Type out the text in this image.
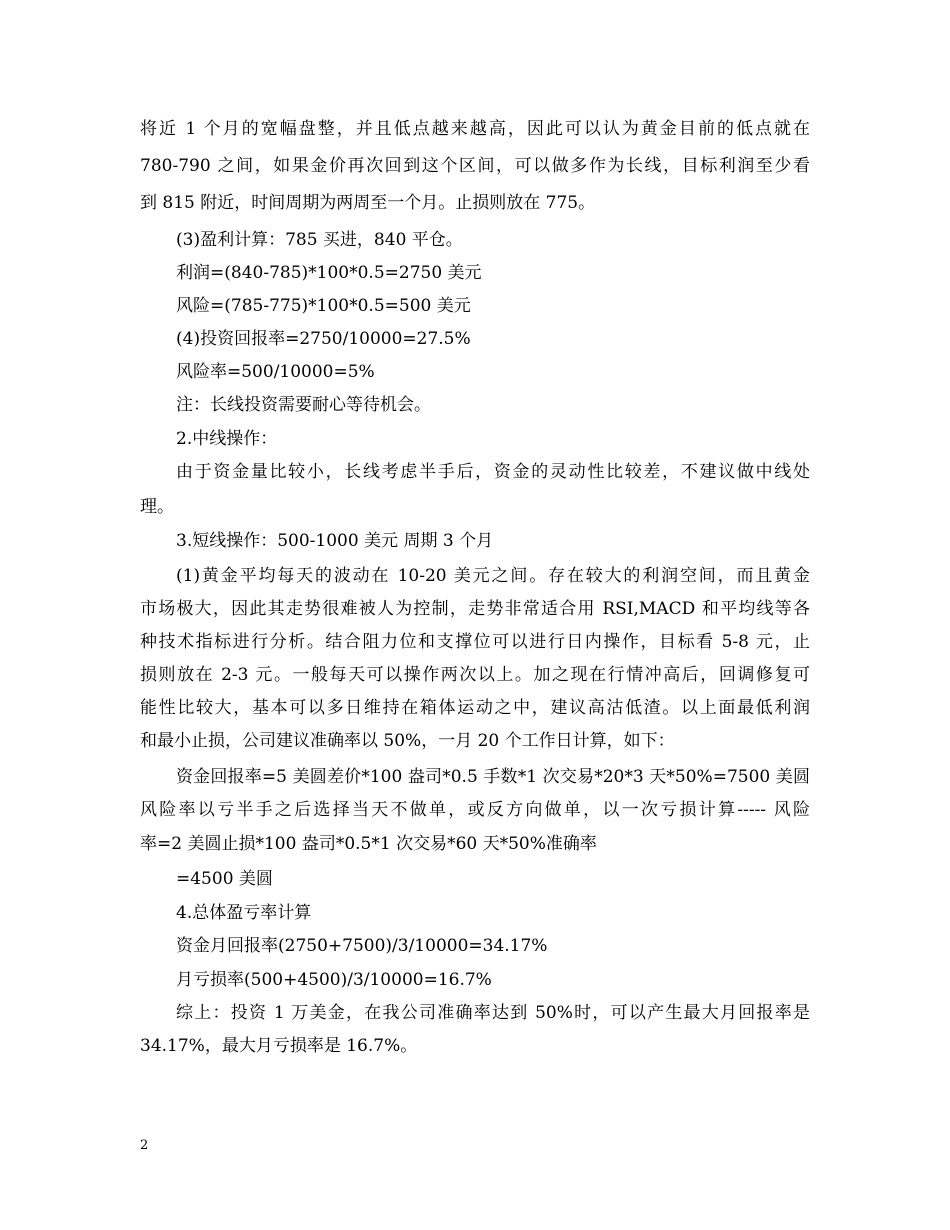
将近 1 个月的宽幅盘整，并且低点越来越高，因此可以认为黄金目前的低点就在

780-790 之间，如果金价再次回到这个区间，可以做多作为长线，目标利润至少看

到 815 附近，时间周期为两周至一个月。止损则放在 775。

(3)盈利计算：785 买进，840 平仓。

利润=(840-785)*100*0.5=2750 美元

风险=(785-775)*100*0.5=500 美元

(4)投资回报率=2750/10000=27.5%

风险率=500/10000=5%

注：长线投资需要耐心等待机会。

2.中线操作：

由于资金量比较小，长线考虑半手后，资金的灵动性比较差，不建议做中线处

理。

3.短线操作：500-1000 美元 周期 3 个月

(1)黄金平均每天的波动在 10-20 美元之间。存在较大的利润空间，而且黄金

市场极大，因此其走势很难被人为控制，走势非常适合用 RSI,MACD 和平均线等各

种技术指标进行分析。结合阻力位和支撑位可以进行日内操作，目标看 5-8 元，止

损则放在 2-3 元。一般每天可以操作两次以上。加之现在行情冲高后，回调修复可

能性比较大，基本可以多日维持在箱体运动之中，建议高沽低渣。以上面最低利润

和最小止损，公司建议准确率以 50%，一月 20 个工作日计算，如下：

资金回报率=5 美圆差价*100 盎司*0.5 手数*1 次交易*20*3 天*50%=7500 美圆

风险率以亏半手之后选择当天不做单，或反方向做单，以一次亏损计算----- 风险

率=2 美圆止损*100 盎司*0.5*1 次交易*60 天*50%准确率

=4500 美圆

4.总体盈亏率计算

资金月回报率(2750+7500)/3/10000=34.17%

月亏损率(500+4500)/3/10000=16.7%

综上：投资 1 万美金，在我公司准确率达到 50%时，可以产生最大月回报率是

34.17%，最大月亏损率是 16.7%。

2
